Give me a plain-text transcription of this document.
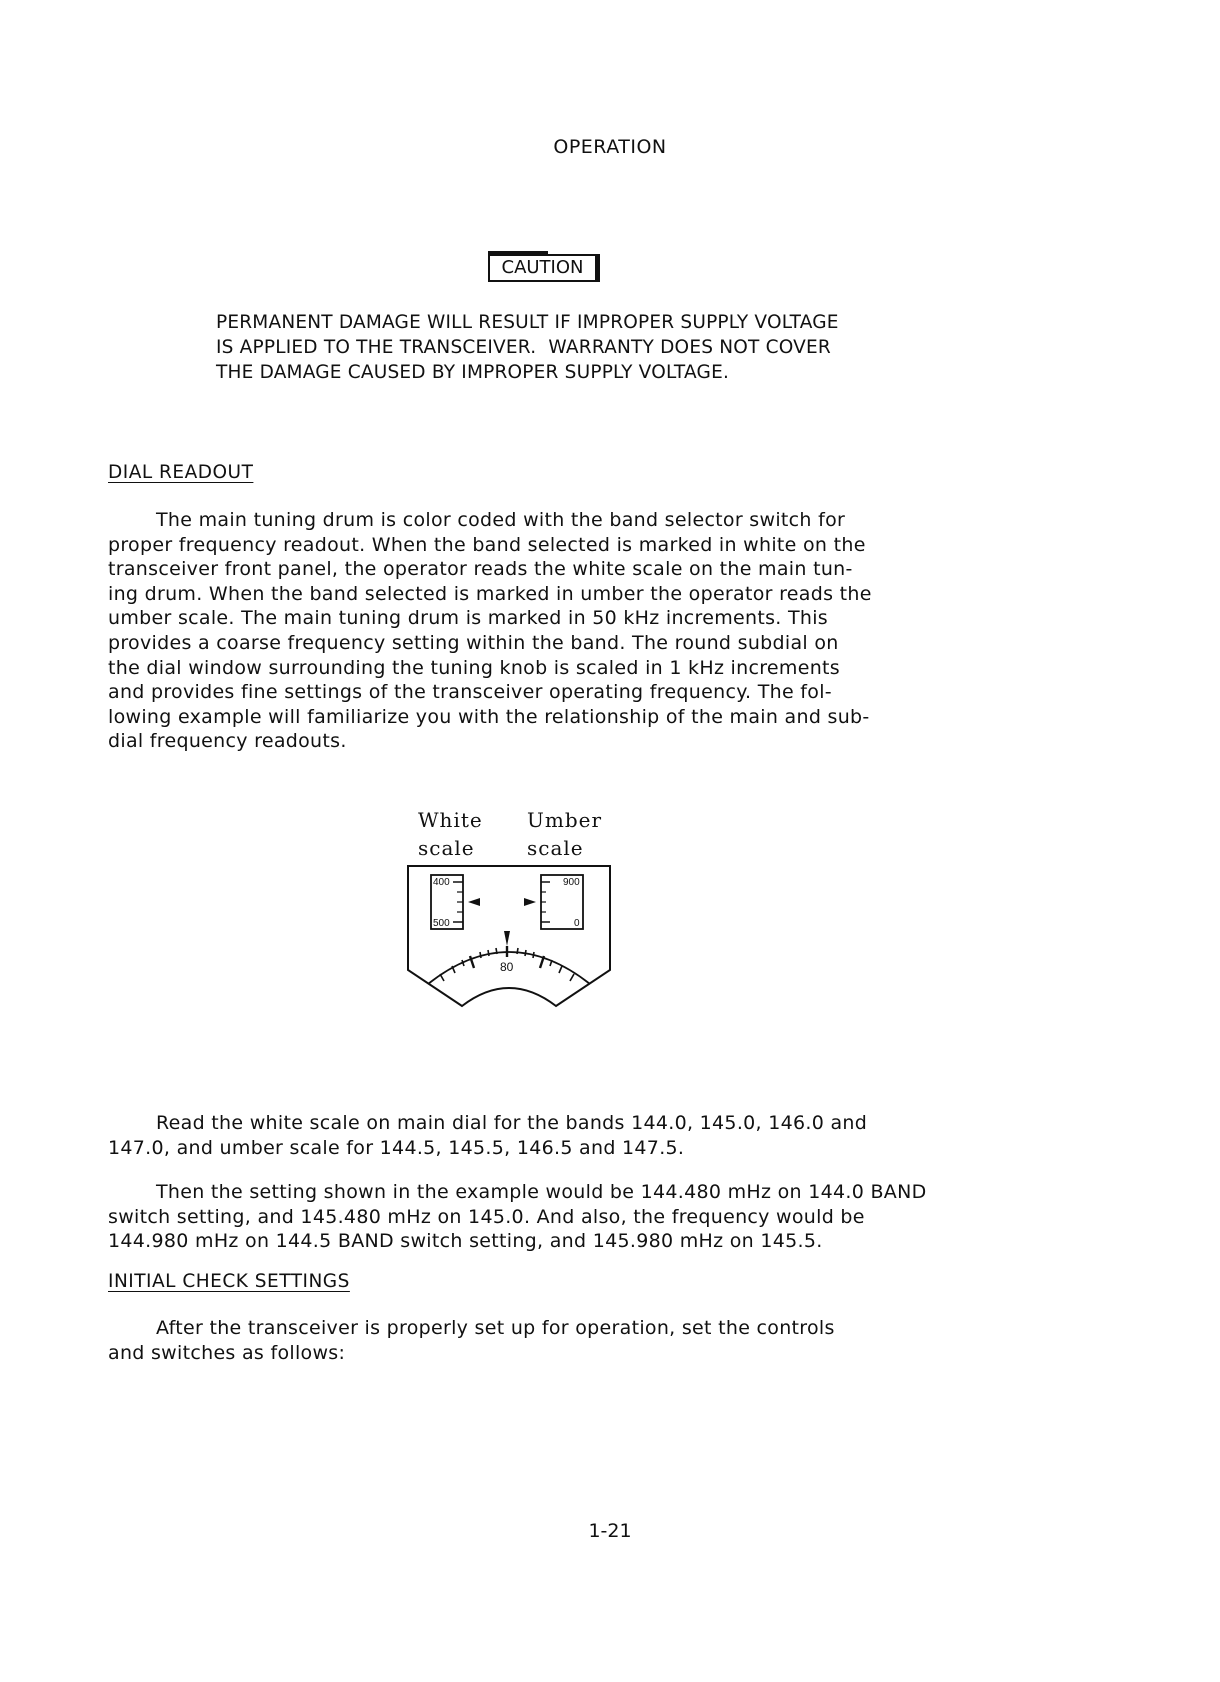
OPERATION
CAUTION
PERMANENT DAMAGE WILL RESULT IF IMPROPER SUPPLY VOLTAGE
IS APPLIED TO THE TRANSCEIVER.  WARRANTY DOES NOT COVER
THE DAMAGE CAUSED BY IMPROPER SUPPLY VOLTAGE.
DIAL READOUT

The main tuning drum is color coded with the band selector switch for

proper frequency readout. When the band selected is marked in white on the

transceiver front panel, the operator reads the white scale on the main tun-

ing drum. When the band selected is marked in umber the operator reads the

umber scale. The main tuning drum is marked in 50 kHz increments. This

provides a coarse frequency setting within the band. The round subdial on

the dial window surrounding the tuning knob is scaled in 1 kHz increments

and provides fine settings of the transceiver operating frequency. The fol-

lowing example will familiarize you with the relationship of the main and sub-

dial frequency readouts.

White
scale
Umber
scale
400
500
900
0
80

Read the white scale on main dial for the bands 144.0, 145.0, 146.0 and

147.0, and umber scale for 144.5, 145.5, 146.5 and 147.5.

Then the setting shown in the example would be 144.480 mHz on 144.0 BAND

switch setting, and 145.480 mHz on 145.0. And also, the frequency would be

144.980 mHz on 144.5 BAND switch setting, and 145.980 mHz on 145.5.

INITIAL CHECK SETTINGS

After the transceiver is properly set up for operation, set the controls

and switches as follows:

1-21
